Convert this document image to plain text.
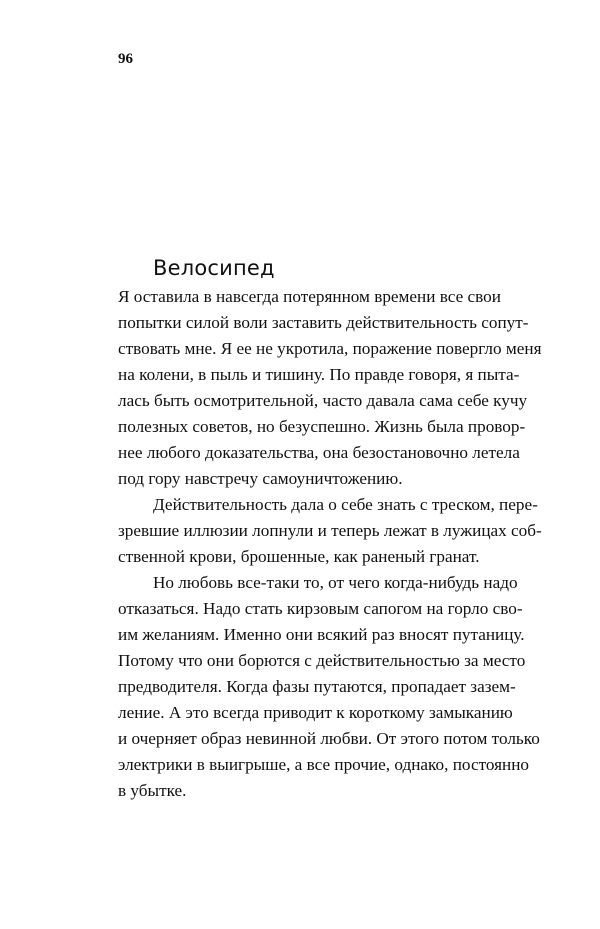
96
Велосипед
Я оставила в навсегда потерянном времени все свои
попытки силой воли заставить действительность сопут-
ствовать мне. Я ее не укротила, поражение повергло меня
на колени, в пыль и тишину. По правде говоря, я пыта-
лась быть осмотрительной, часто давала сама себе кучу
полезных советов, но безуспешно. Жизнь была провор-
нее любого доказательства, она безостановочно летела
под гору навстречу самоуничтожению.
Действительность дала о себе знать с треском, пере-
зревшие иллюзии лопнули и теперь лежат в лужицах соб-
ственной крови, брошенные, как раненый гранат.
Но любовь все-таки то, от чего когда-нибудь надо
отказаться. Надо стать кирзовым сапогом на горло сво-
им желаниям. Именно они всякий раз вносят путаницу.
Потому что они борются с действительностью за место
предводителя. Когда фазы путаются, пропадает зазем-
ление. А это всегда приводит к короткому замыканию
и очерняет образ невинной любви. От этого потом только
электрики в выигрыше, а все прочие, однако, постоянно
в убытке.
